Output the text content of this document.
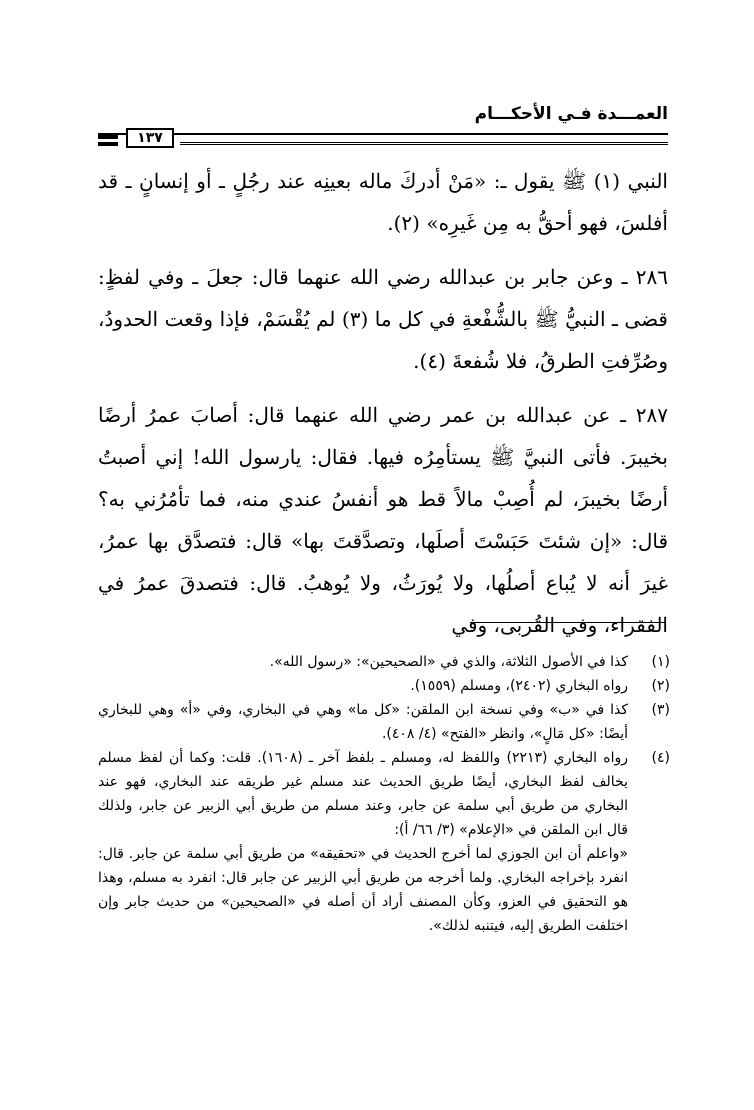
العمـــدة فـي الأحكـــام
١٣٧

النبي (١) ﷺ يقول ـ: «مَنْ أدركَ ماله بعينِه عند رجُلٍ ـ أو إنسانٍ ـ قد أفلسَ، فهو أحقُّ به مِن غَيرِه» (٢).

٢٨٦ ـ وعن جابر بن عبدالله رضي الله عنهما قال: جعلَ ـ وفي لفظٍ: قضى ـ النبيُّ ﷺ بالشُّفْعةِ في كل ما (٣) لم يُقْسَمْ، فإذا وقعت الحدودُ، وصُرِّفتِ الطرقُ، فلا شُفعةَ (٤).

٢٨٧ ـ عن عبدالله بن عمر رضي الله عنهما قال: أصابَ عمرُ أرضًا بخيبرَ. فأتى النبيَّ ﷺ يستأمِرُه فيها. فقال: يارسول الله! إني أصبتُ أرضًا بخيبرَ، لم أُصِبْ مالاً قط هو أنفسُ عندي منه، فما تأمُرُني به؟ قال: «إن شئتَ حَبَسْتَ أصلَها، وتصدَّقتَ بها» قال: فتصدَّق بها عمرُ، غيرَ أنه لا يُباع أصلُها، ولا يُورَثُ، ولا يُوهبُ. قال: فتصدقَ عمرُ في الفقراء، وفي القُربى، وفي

(١)
كذا في الأصول الثلاثة، والذي في «الصحيحين»: «رسول الله».
(٢)
رواه البخاري (٢٤٠٢)، ومسلم (١٥٥٩).
(٣)
كذا في «ب» وفي نسخة ابن الملقن: «كل ما» وهي في البخاري، وفي «أ» وهي للبخاري أيضًا: «كل مَالٍ»، وانظر «الفتح» (٤/ ٤٠٨).
(٤)
رواه البخاري (٢٢١٣) واللفظ له، ومسلم ـ بلفظ آخر ـ (١٦٠٨). قلت: وكما أن لفظ مسلم يخالف لفظ البخاري، أيضًا طريق الحديث عند مسلم غير طريقه عند البخاري، فهو عند البخاري من طريق أبي سلمة عن جابر، وعند مسلم من طريق أبي الزبير عن جابر، ولذلك قال ابن الملقن في «الإعلام» (٣/ ٦٦/ أ):
«واعلم أن ابن الجوزي لما أخرج الحديث في «تحقيقه» من طريق أبي سلمة عن جابر. قال: انفرد بإخراجه البخاري. ولما أخرجه من طريق أبي الزبير عن جابر قال: انفرد به مسلم، وهذا هو التحقيق في العزو، وكأن المصنف أراد أن أصله في «الصحيحين» من حديث جابر وإن اختلفت الطريق إليه، فيتنبه لذلك».
